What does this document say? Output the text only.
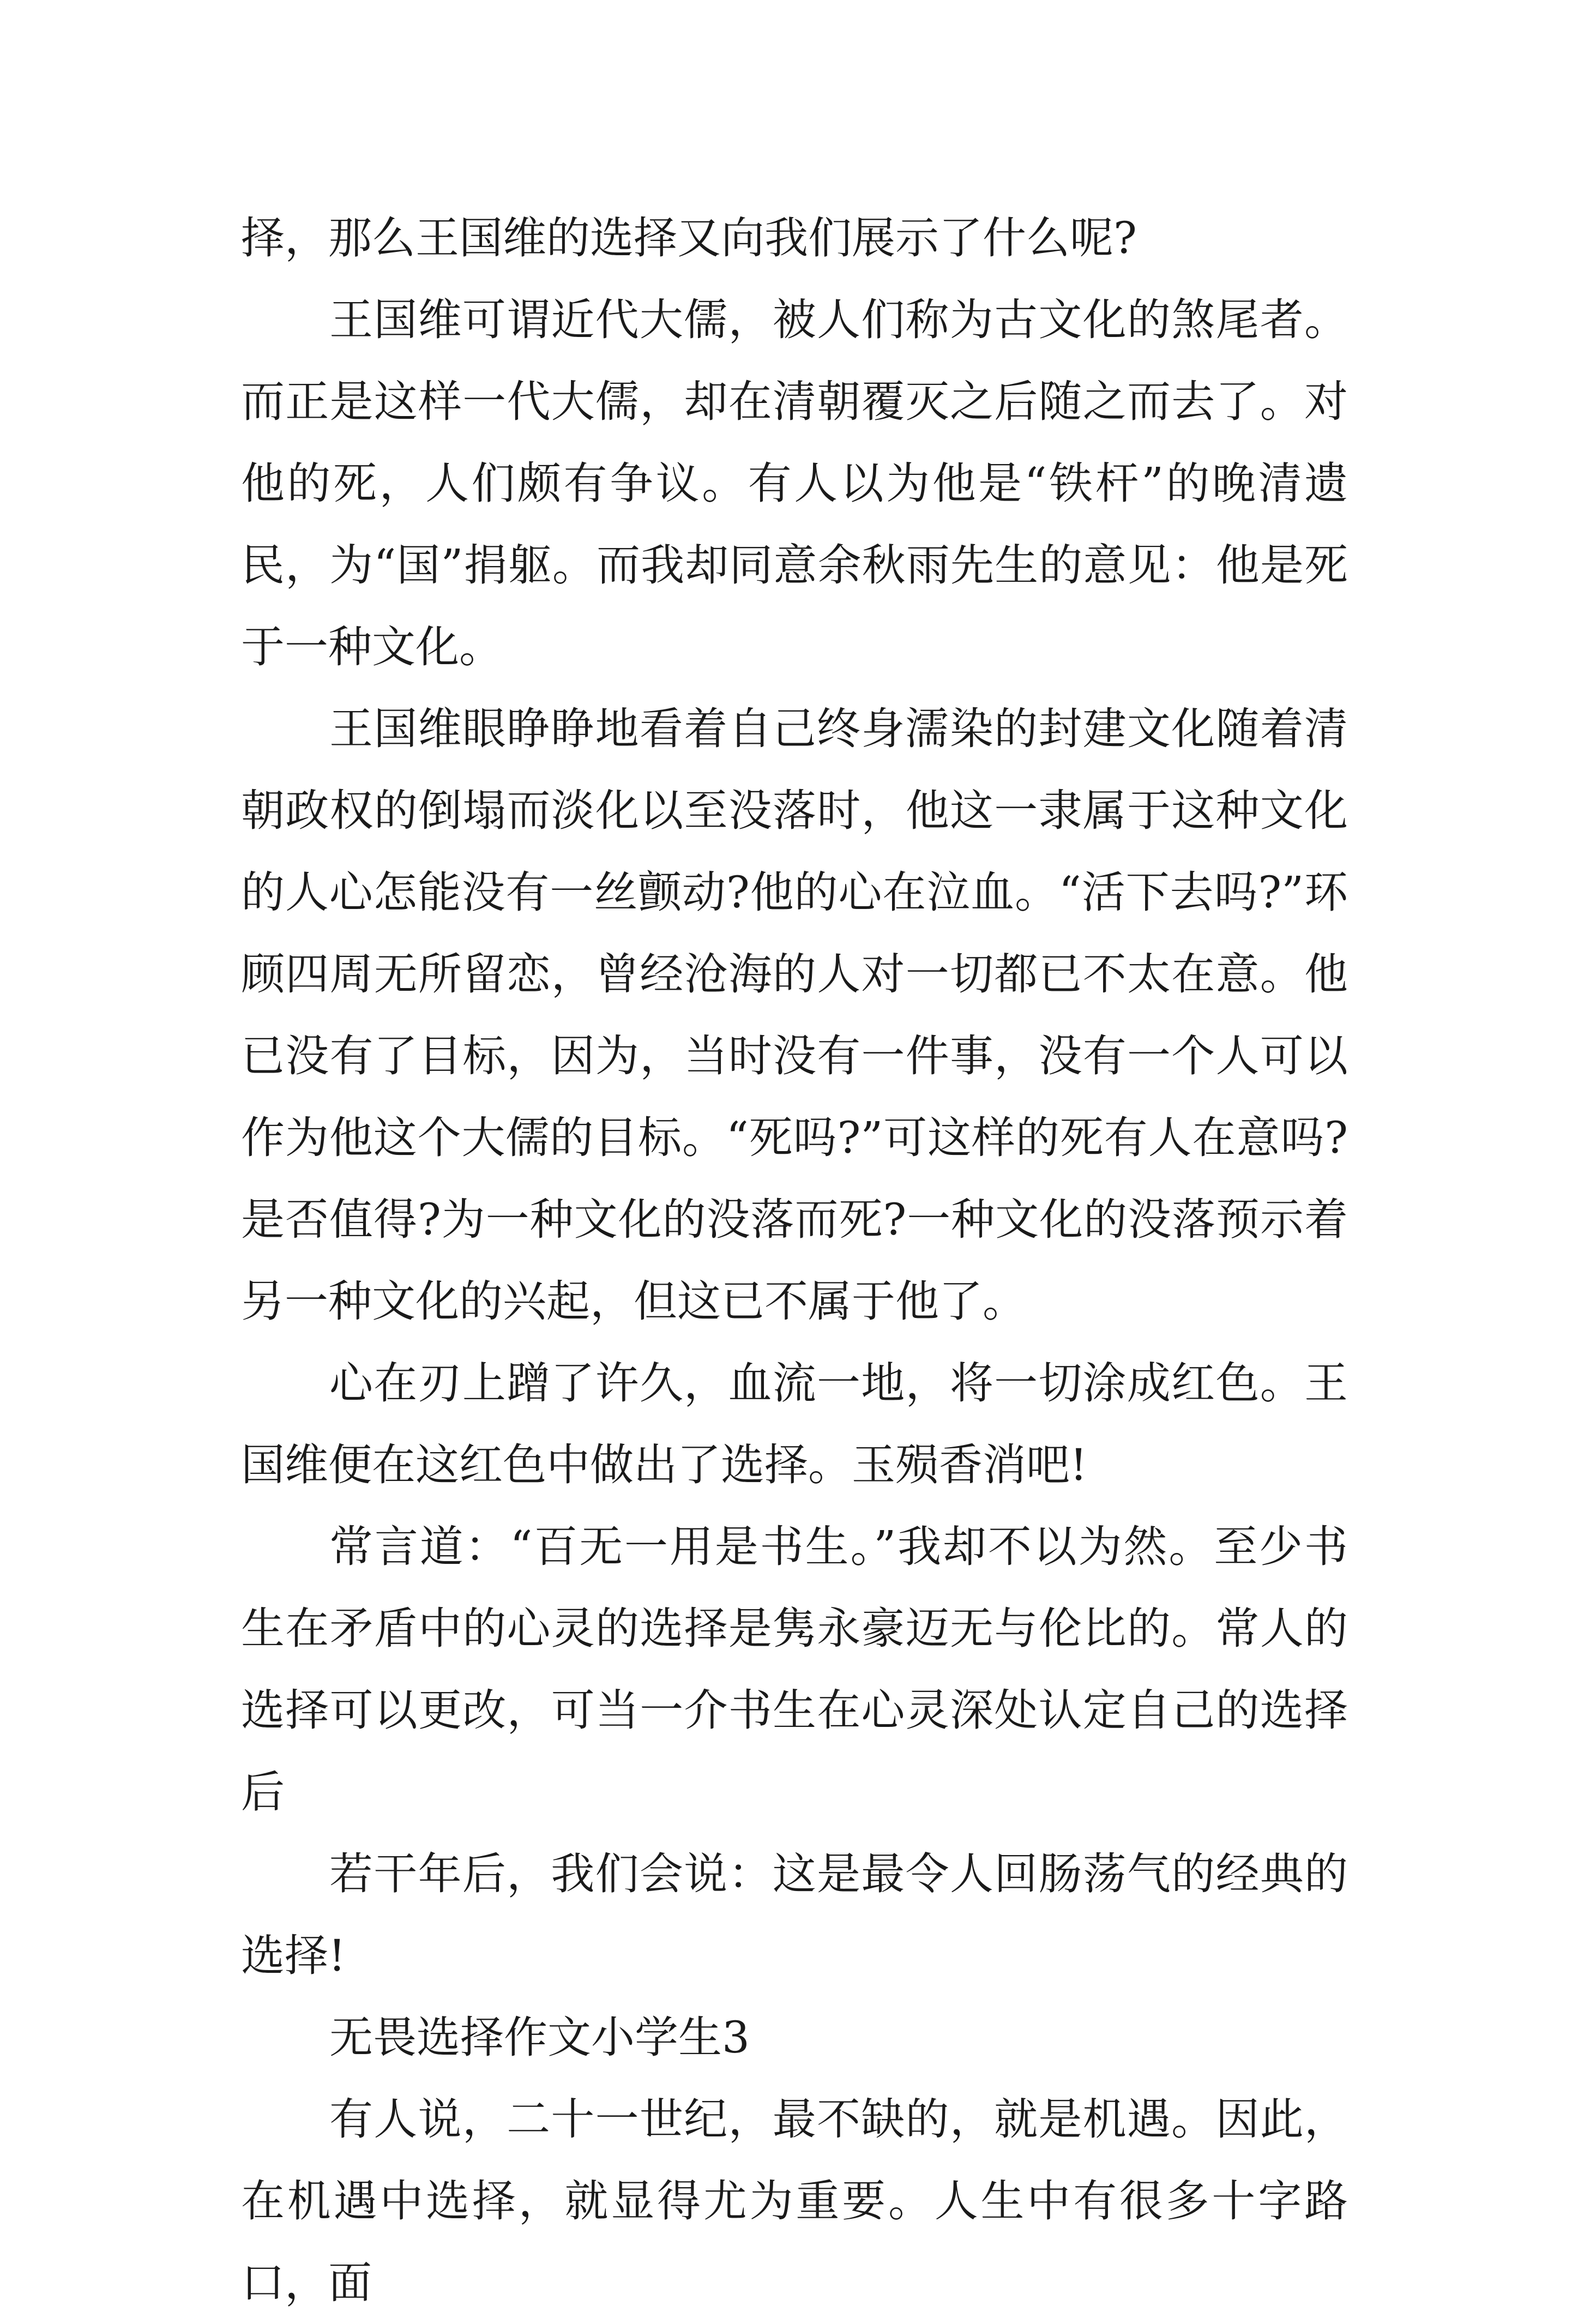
择，那么王国维的选择又向我们展示了什么呢?

王国维可谓近代大儒，被人们称为古文化的煞尾者。而正是这样一代大儒，却在清朝覆灭之后随之而去了。对他的死，人们颇有争议。有人以为他是“铁杆”的晚清遗民，为“国”捐躯。而我却同意余秋雨先生的意见：他是死于一种文化。

王国维眼睁睁地看着自己终身濡染的封建文化随着清朝政权的倒塌而淡化以至没落时，他这一隶属于这种文化的人心怎能没有一丝颤动?他的心在泣血。“活下去吗?”环顾四周无所留恋，曾经沧海的人对一切都已不太在意。他已没有了目标，因为，当时没有一件事，没有一个人可以作为他这个大儒的目标。“死吗?”可这样的死有人在意吗?是否值得?为一种文化的没落而死?一种文化的没落预示着另一种文化的兴起，但这已不属于他了。

心在刃上蹭了许久，血流一地，将一切涂成红色。王国维便在这红色中做出了选择。玉殒香消吧!

常言道：“百无一用是书生。”我却不以为然。至少书生在矛盾中的心灵的选择是隽永豪迈无与伦比的。常人的选择可以更改，可当一介书生在心灵深处认定自己的选择后

若干年后，我们会说：这是最令人回肠荡气的经典的选择!

无畏选择作文小学生3

有人说，二十一世纪，最不缺的，就是机遇。因此，在机遇中选择，就显得尤为重要。人生中有很多十字路口，面
